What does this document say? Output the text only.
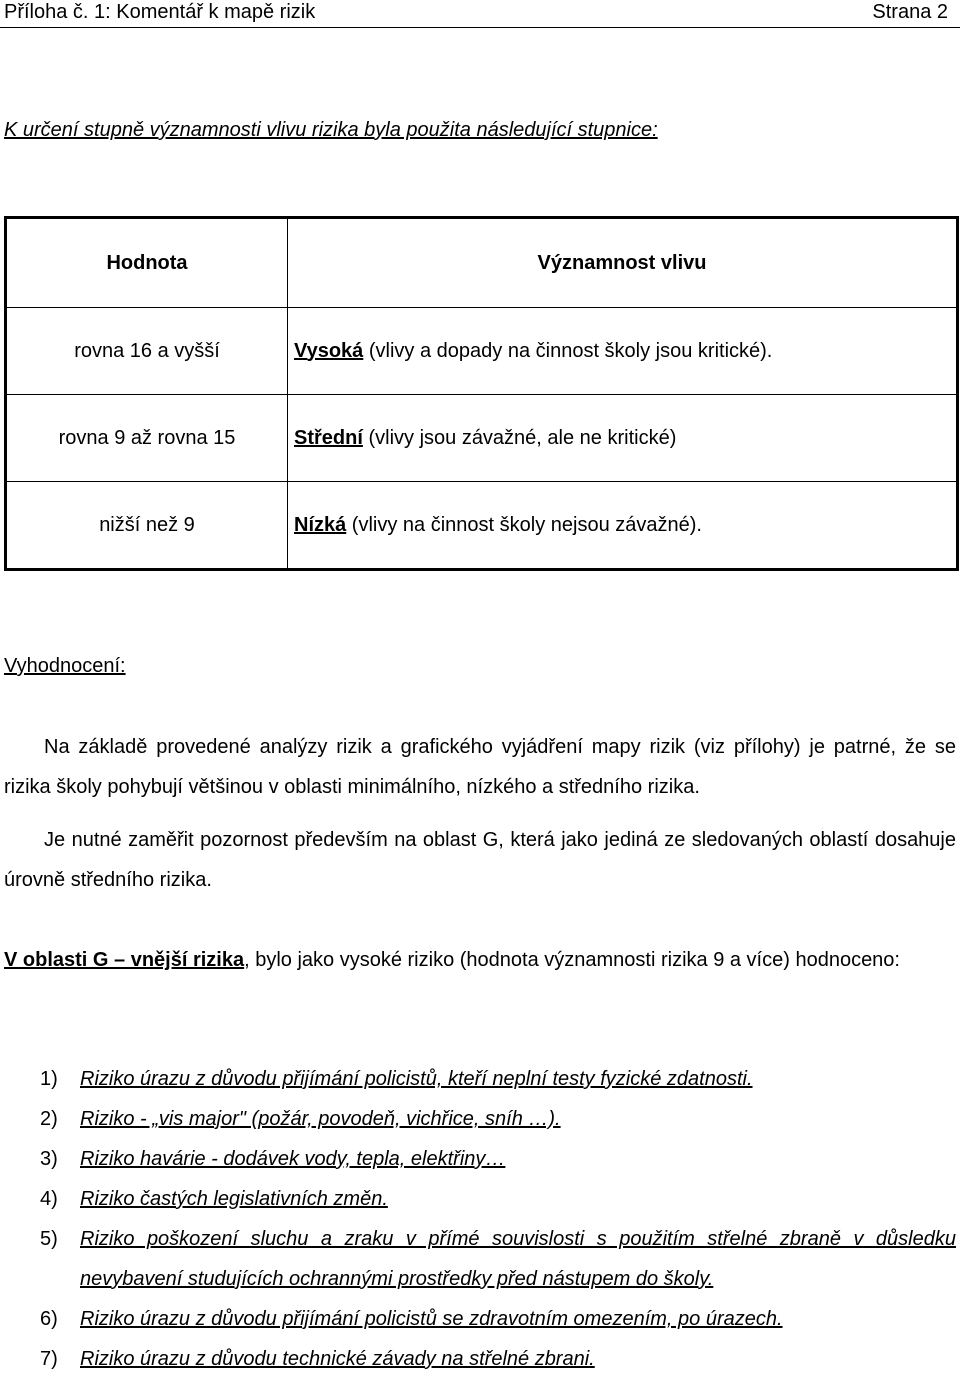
Příloha č. 1: Komentář k mapě rizik	Strana 2
K určení stupně významnosti vlivu rizika byla použita následující stupnice:
Hodnota	Významnost vlivu
rovna 16 a vyšší	Vysoká (vlivy a dopady na činnost školy jsou kritické).
rovna 9 až rovna 15	Střední (vlivy jsou závažné, ale ne kritické)
nižší než 9	Nízká (vlivy na činnost školy nejsou závažné).
Vyhodnocení:
Na základě provedené analýzy rizik a grafického vyjádření mapy rizik (viz přílohy) je patrné, že se rizika školy pohybují většinou v oblasti minimálního, nízkého a středního rizika.
Je nutné zaměřit pozornost především na oblast G, která jako jediná ze sledovaných oblastí dosahuje úrovně středního rizika.
V oblasti G – vnější rizika, bylo jako vysoké riziko (hodnota významnosti rizika 9 a více) hodnoceno:
1) Riziko úrazu z důvodu přijímání policistů, kteří neplní testy fyzické zdatnosti.
2) Riziko - „vis major" (požár, povodeň, vichřice, sníh …).
3) Riziko havárie - dodávek vody, tepla, elektřiny…
4) Riziko častých legislativních změn.
5) Riziko poškození sluchu a zraku v přímé souvislosti s použitím střelné zbraně v důsledku nevybavení studujících ochrannými prostředky před nástupem do školy.
6) Riziko úrazu z důvodu přijímání policistů se zdravotním omezením, po úrazech.
7) Riziko úrazu z důvodu technické závady na střelné zbrani.
